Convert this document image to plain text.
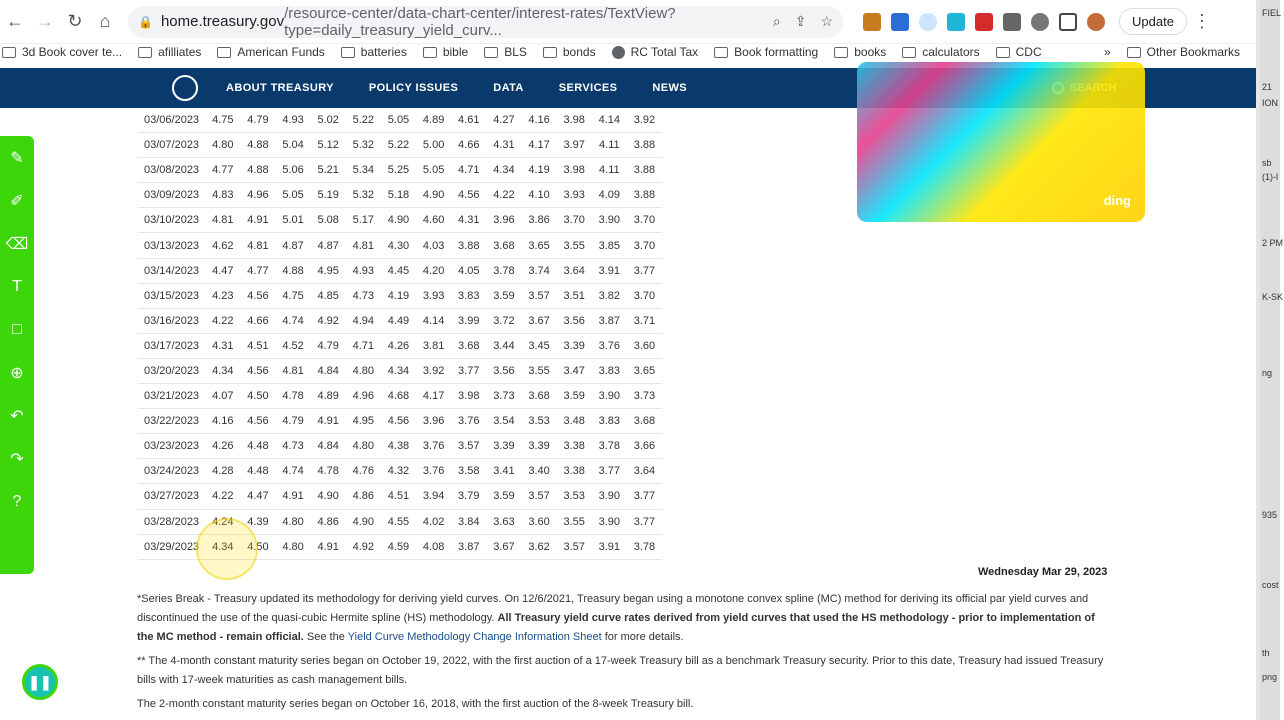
← → ↻ ⌂	🔒 home.treasury.gov /resource-center/data-chart-center/interest-rates/TextView?type=daily_treasury_yield_curv...
⌕ ⇪ ☆	Update	⋮
3d Book cover te...	afilliates	American Funds	batteries	bible	BLS	bonds	RC Total Tax	Book formatting	books	calculators	CDC	»	Other Bookmarks
ABOUT TREASURY	POLICY ISSUES	DATA	SERVICES	NEWS
ding
✎
✐
⌫
T
□
⊕
↶
↷
?
❚❚
03/06/2023	4.75	4.79	4.93	5.02	5.22	5.05	4.89	4.61	4.27	4.16	3.98	4.14	3.92
03/07/2023	4.80	4.88	5.04	5.12	5.32	5.22	5.00	4.66	4.31	4.17	3.97	4.11	3.88
03/08/2023	4.77	4.88	5.06	5.21	5.34	5.25	5.05	4.71	4.34	4.19	3.98	4.11	3.88
03/09/2023	4.83	4.96	5.05	5.19	5.32	5.18	4.90	4.56	4.22	4.10	3.93	4.09	3.88
03/10/2023	4.81	4.91	5.01	5.08	5.17	4.90	4.60	4.31	3.96	3.86	3.70	3.90	3.70
03/13/2023	4.62	4.81	4.87	4.87	4.81	4.30	4.03	3.88	3.68	3.65	3.55	3.85	3.70
03/14/2023	4.47	4.77	4.88	4.95	4.93	4.45	4.20	4.05	3.78	3.74	3.64	3.91	3.77
03/15/2023	4.23	4.56	4.75	4.85	4.73	4.19	3.93	3.83	3.59	3.57	3.51	3.82	3.70
03/16/2023	4.22	4.66	4.74	4.92	4.94	4.49	4.14	3.99	3.72	3.67	3.56	3.87	3.71
03/17/2023	4.31	4.51	4.52	4.79	4.71	4.26	3.81	3.68	3.44	3.45	3.39	3.76	3.60
03/20/2023	4.34	4.56	4.81	4.84	4.80	4.34	3.92	3.77	3.56	3.55	3.47	3.83	3.65
03/21/2023	4.07	4.50	4.78	4.89	4.96	4.68	4.17	3.98	3.73	3.68	3.59	3.90	3.73
03/22/2023	4.16	4.56	4.79	4.91	4.95	4.56	3.96	3.76	3.54	3.53	3.48	3.83	3.68
03/23/2023	4.26	4.48	4.73	4.84	4.80	4.38	3.76	3.57	3.39	3.39	3.38	3.78	3.66
03/24/2023	4.28	4.48	4.74	4.78	4.76	4.32	3.76	3.58	3.41	3.40	3.38	3.77	3.64
03/27/2023	4.22	4.47	4.91	4.90	4.86	4.51	3.94	3.79	3.59	3.57	3.53	3.90	3.77
03/28/2023	4.24	4.39	4.80	4.86	4.90	4.55	4.02	3.84	3.63	3.60	3.55	3.90	3.77
03/29/2023	4.34	4.50	4.80	4.91	4.92	4.59	4.08	3.87	3.67	3.62	3.57	3.91	3.78
Wednesday Mar 29, 2023

*Series Break - Treasury updated its methodology for deriving yield curves. On 12/6/2021, Treasury began using a monotone convex spline (MC) method for deriving its official par yield curves and discontinued the use of the quasi-cubic Hermite spline (HS) methodology. All Treasury yield curve rates derived from yield curves that used the HS methodology - prior to implementation of the MC method - remain official. See the Yield Curve Methodology Change Information Sheet for more details.

** The 4-month constant maturity series began on October 19, 2022, with the first auction of a 17-week Treasury bill as a benchmark Treasury security. Prior to this date, Treasury had issued Treasury bills with 17-week maturities as cash management bills.

The 2-month constant maturity series began on October 16, 2018, with the first auction of the 8-week Treasury bill.

FIEL
21
ION
sb
(1)-l
2 PM
K-SK
ng
935
cost
th
png
